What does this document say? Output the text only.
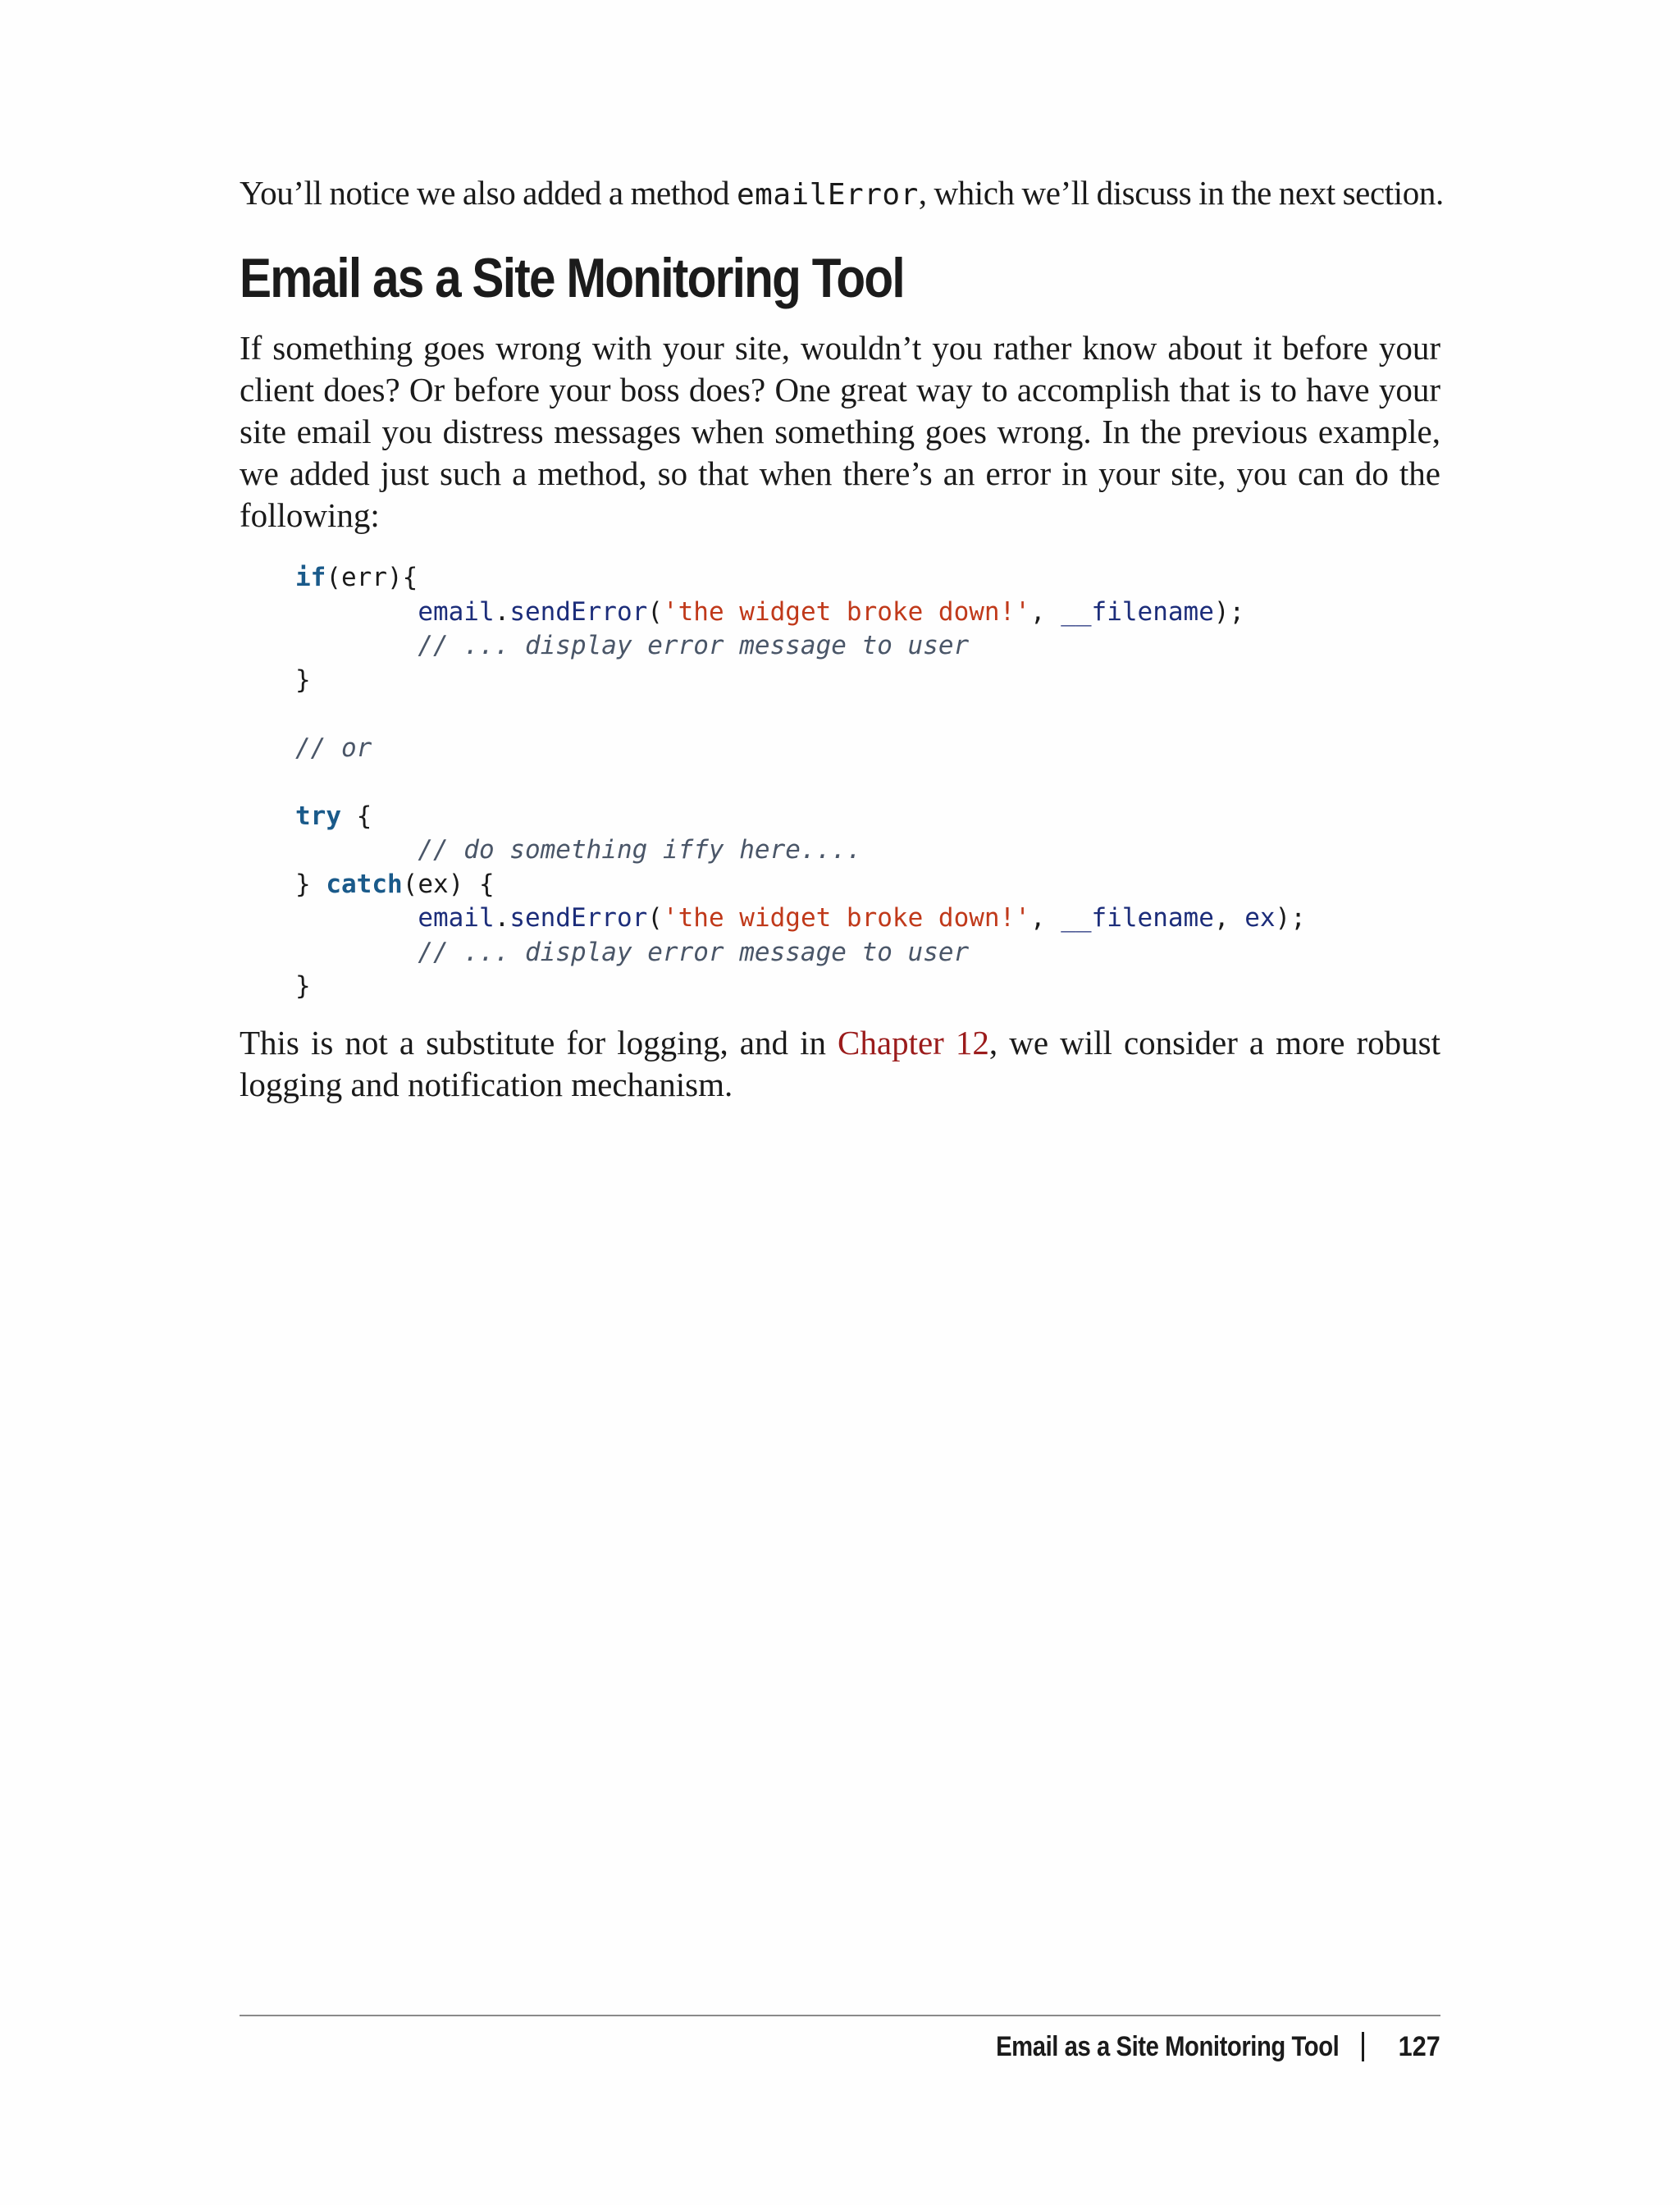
You’ll notice we also added a method emailError, which we’ll discuss in the next section.

Email as a Site Monitoring Tool
If something goes wrong with your site, wouldn’t you rather know about it before your
client does? Or before your boss does? One great way to accomplish that is to have your
site email you distress messages when something goes wrong. In the previous example,
we added just such a method, so that when there’s an error in your site, you can do the
following:
if(err){
email.sendError('the widget broke down!', __filename);
// ... display error message to user
}

// or

try {
// do something iffy here....
} catch(ex) {
email.sendError('the widget broke down!', __filename, ex);
// ... display error message to user
}
This is not a substitute for logging, and in Chapter 12, we will consider a more robust
logging and notification mechanism.
Email as a Site Monitoring Tool 127
